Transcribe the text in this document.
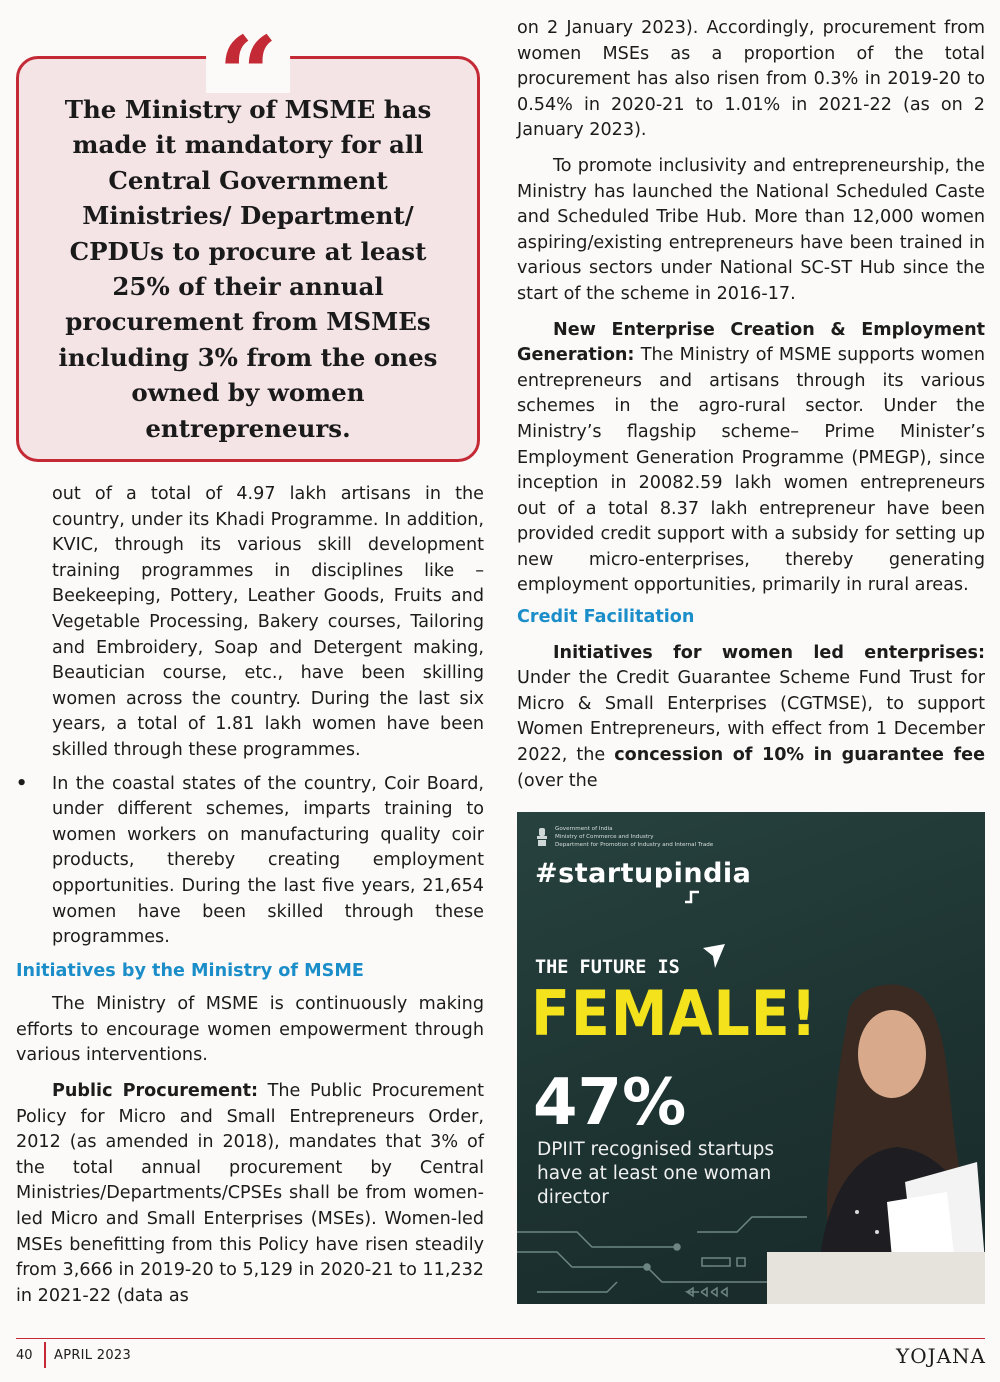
“

The Ministry of MSME has made it mandatory for all Central Government Ministries/ Department/ CPDUs to procure at least 25% of their annual procurement from MSMEs including 3% from the ones owned by women entrepreneurs.

out of a total of 4.97 lakh artisans in the country, under its Khadi Programme. In addition, KVIC, through its various skill development training programmes in disciplines like – Beekeeping, Pottery, Leather Goods, Fruits and Vegetable Processing, Bakery courses, Tailoring and Embroidery, Soap and Detergent making, Beautician course, etc., have been skilling women across the country. During the last six years, a total of 1.81 lakh women have been skilled through these programmes.

• In the coastal states of the country, Coir Board, under different schemes, imparts training to women workers on manufacturing quality coir products, thereby creating employment opportunities. During the last five years, 21,654 women have been skilled through these programmes.

Initiatives by the Ministry of MSME

The Ministry of MSME is continuously making efforts to encourage women empowerment through various interventions.

Public Procurement: The Public Procurement Policy for Micro and Small Entrepreneurs Order, 2012 (as amended in 2018), mandates that 3% of the total annual procurement by Central Ministries/Departments/CPSEs shall be from women-led Micro and Small Enterprises (MSEs). Women-led MSEs benefitting from this Policy have risen steadily from 3,666 in 2019-20 to 5,129 in 2020-21 to 11,232 in 2021-22 (data as

on 2 January 2023). Accordingly, procurement from women MSEs as a proportion of the total procurement has also risen from 0.3% in 2019-20 to 0.54% in 2020-21 to 1.01% in 2021-22 (as on 2 January 2023).

To promote inclusivity and entrepreneurship, the Ministry has launched the National Scheduled Caste and Scheduled Tribe Hub. More than 12,000 women aspiring/existing entrepreneurs have been trained in various sectors under National SC-ST Hub since the start of the scheme in 2016-17.

New Enterprise Creation & Employment Generation: The Ministry of MSME supports women entrepreneurs and artisans through its various schemes in the agro-rural sector. Under the Ministry’s flagship scheme– Prime Minister’s Employment Generation Programme (PMEGP), since inception in 20082.59 lakh women entrepreneurs out of a total 8.37 lakh entrepreneur have been provided credit support with a subsidy for setting up new micro-enterprises, thereby generating employment opportunities, primarily in rural areas.

Credit Facilitation

Initiatives for women led enterprises: Under the Credit Guarantee Scheme Fund Trust for Micro & Small Enterprises (CGTMSE), to support Women Entrepreneurs, with effect from 1 December 2022, the concession of 10% in guarantee fee (over the

Government of India
Ministry of Commerce and Industry
Department for Promotion of Industry and Internal Trade
#startupindia
THE FUTURE IS
FEMALE!
47%
DPIIT recognised startups have at least one woman director
40 APRIL 2023	YOJANA
